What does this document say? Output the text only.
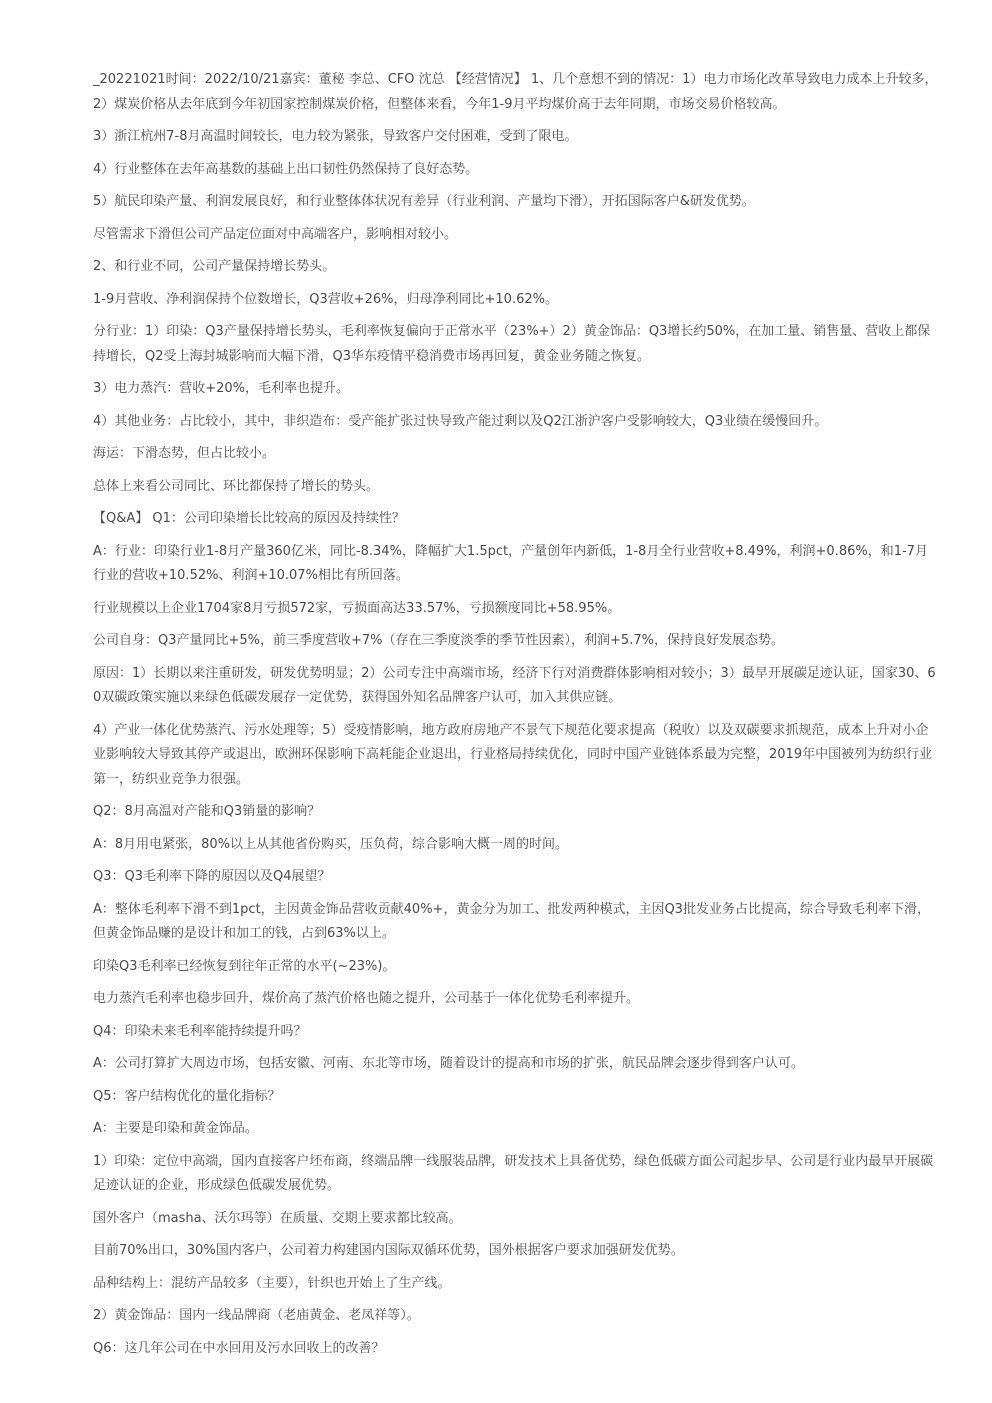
_20221021时间：2022/10/21嘉宾：董秘 李总、CFO 沈总 【经营情况】 1、几个意想不到的情况：1）电力市场化改革导致电力成本上升较多，2）煤炭价格从去年底到今年初国家控制煤炭价格，但整体来看，今年1-9月平均煤价高于去年同期，市场交易价格较高。

3）浙江杭州7-8月高温时间较长，电力较为紧张，导致客户交付困难，受到了限电。

4）行业整体在去年高基数的基础上出口韧性仍然保持了良好态势。

5）航民印染产量、利润发展良好，和行业整体体状况有差异（行业利润、产量均下滑），开拓国际客户&研发优势。

尽管需求下滑但公司产品定位面对中高端客户，影响相对较小。

2、和行业不同，公司产量保持增长势头。

1-9月营收、净利润保持个位数增长，Q3营收+26%，归母净利同比+10.62%。

分行业：1）印染：Q3产量保持增长势头，毛利率恢复偏向于正常水平（23%+）2）黄金饰品：Q3增长约50%，在加工量、销售量、营收上都保持增长，Q2受上海封城影响而大幅下滑，Q3华东疫情平稳消费市场再回复，黄金业务随之恢复。

3）电力蒸汽：营收+20%，毛利率也提升。

4）其他业务：占比较小，其中，非织造布：受产能扩张过快导致产能过剩以及Q2江浙沪客户受影响较大，Q3业绩在缓慢回升。

海运：下滑态势，但占比较小。

总体上来看公司同比、环比都保持了增长的势头。

【Q&A】 Q1：公司印染增长比较高的原因及持续性？

A：行业：印染行业1-8月产量360亿米，同比-8.34%，降幅扩大1.5pct，产量创年内新低，1-8月全行业营收+8.49%，利润+0.86%，和1-7月行业的营收+10.52%、利润+10.07%相比有所回落。

行业规模以上企业1704家8月亏损572家，亏损面高达33.57%，亏损额度同比+58.95%。

公司自身：Q3产量同比+5%，前三季度营收+7%（存在三季度淡季的季节性因素），利润+5.7%，保持良好发展态势。

原因：1）长期以来注重研发，研发优势明显；2）公司专注中高端市场，经济下行对消费群体影响相对较小；3）最早开展碳足迹认证，国家30、60双碳政策实施以来绿色低碳发展存一定优势，获得国外知名品牌客户认可，加入其供应链。

4）产业一体化优势蒸汽、污水处理等；5）受疫情影响，地方政府房地产不景气下规范化要求提高（税收）以及双碳要求抓规范，成本上升对小企业影响较大导致其停产或退出，欧洲环保影响下高耗能企业退出，行业格局持续优化，同时中国产业链体系最为完整，2019年中国被列为纺织行业第一，纺织业竞争力很强。

Q2：8月高温对产能和Q3销量的影响？

A：8月用电紧张，80%以上从其他省份购买，压负荷，综合影响大概一周的时间。

Q3：Q3毛利率下降的原因以及Q4展望？

A：整体毛利率下滑不到1pct，主因黄金饰品营收贡献40%+，黄金分为加工、批发两种模式，主因Q3批发业务占比提高，综合导致毛利率下滑，但黄金饰品赚的是设计和加工的钱，占到63%以上。

印染Q3毛利率已经恢复到往年正常的水平(~23%)。

电力蒸汽毛利率也稳步回升，煤价高了蒸汽价格也随之提升，公司基于一体化优势毛利率提升。

Q4：印染未来毛利率能持续提升吗？

A：公司打算扩大周边市场，包括安徽、河南、东北等市场，随着设计的提高和市场的扩张，航民品牌会逐步得到客户认可。

Q5：客户结构优化的量化指标？

A：主要是印染和黄金饰品。

1）印染：定位中高端，国内直接客户坯布商，终端品牌一线服装品牌，研发技术上具备优势，绿色低碳方面公司起步早、公司是行业内最早开展碳足迹认证的企业，形成绿色低碳发展优势。

国外客户（masha、沃尔玛等）在质量、交期上要求都比较高。

目前70%出口，30%国内客户，公司着力构建国内国际双循环优势，国外根据客户要求加强研发优势。

品种结构上：混纺产品较多（主要），针织也开始上了生产线。

2）黄金饰品：国内一线品牌商（老庙黄金、老凤祥等）。

Q6：这几年公司在中水回用及污水回收上的改善？
